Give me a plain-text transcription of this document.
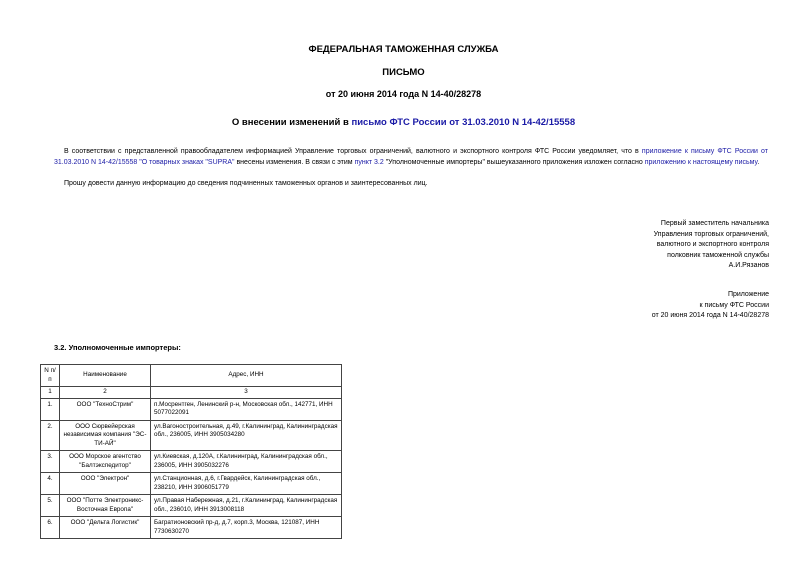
ФЕДЕРАЛЬНАЯ ТАМОЖЕННАЯ СЛУЖБА
ПИСЬМО
от 20 июня 2014 года N 14-40/28278
О внесении изменений в письмо ФТС России от 31.03.2010 N 14-42/15558
В соответствии с представленной правообладателем информацией Управление торговых ограничений, валютного и экспортного контроля ФТС России уведомляет, что в приложение к письму ФТС России от 31.03.2010 N 14-42/15558 "О товарных знаках "SUPRA" внесены изменения. В связи с этим пункт 3.2 "Уполномоченные импортеры" вышеуказанного приложения изложен согласно приложению к настоящему письму.
Прошу довести данную информацию до сведения подчиненных таможенных органов и заинтересованных лиц.
Первый заместитель начальника
Управления торговых ограничений,
валютного и экспортного контроля
полковник таможенной службы
А.И.Рязанов
Приложение
к письму ФТС России
от 20 июня 2014 года N 14-40/28278
3.2. Уполномоченные импортеры:
N п/п	Наименование	Адрес, ИНН
1	2	3
1.	ООО "ТехноСтрим"	п.Мосрентген, Ленинский р-н, Московская обл., 142771, ИНН 5077022091
2.	ООО Сюрвейерская независимая компания "ЭС-ТИ-АЙ"	ул.Вагоностроительная, д.49, г.Калининград, Калининградская обл., 236005, ИНН 3905034280
3.	ООО Морское агентство "Балтэкспедитор"	ул.Киевская, д.120А, г.Калининград, Калининградская обл., 236005, ИНН 3905032276
4.	ООО "Электрон"	ул.Станционная, д.6, г.Гвардейск, Калининградская обл., 238210, ИНН 3906051779
5.	ООО "Потте Электроникс-Восточная Европа"	ул.Правая Набережная, д.21, г.Калининград, Калининградская обл., 236010, ИНН 3913008118
6.	ООО "Дельта Логистик"	Багратионовский пр-д, д.7, корп.3, Москва, 121087, ИНН 7730630270
